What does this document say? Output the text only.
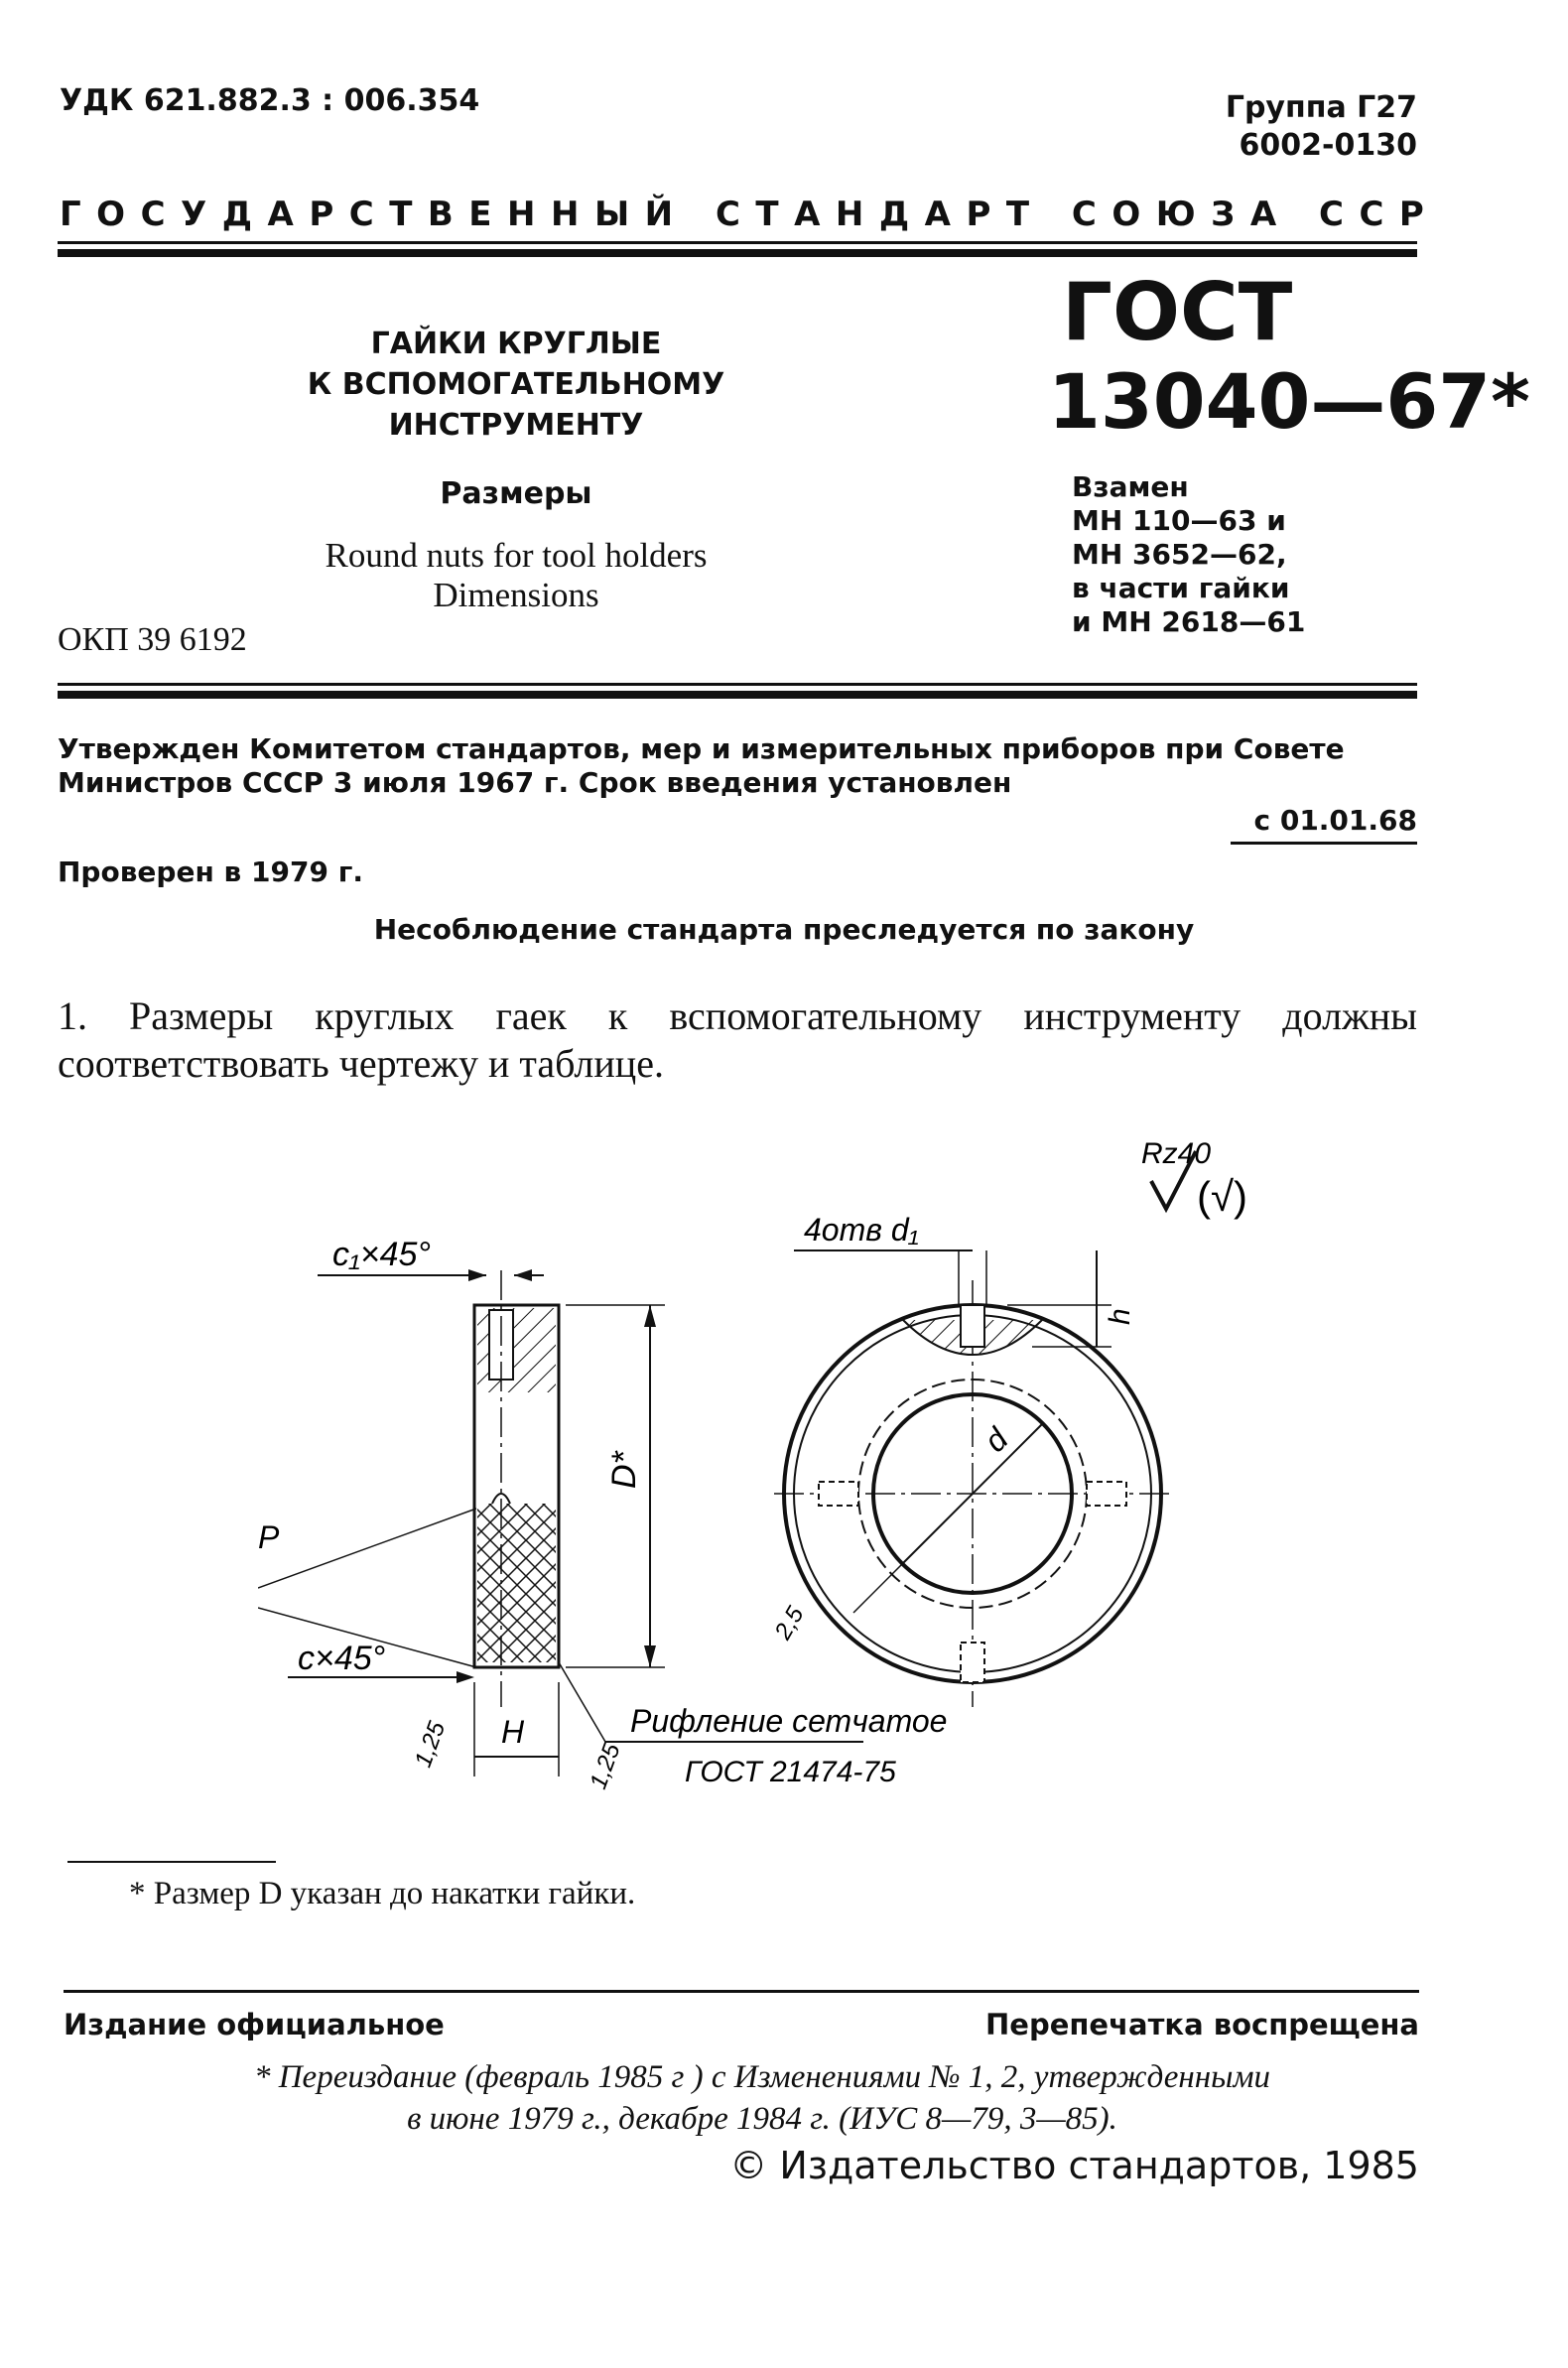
УДК 621.882.3 : 006.354	Группа Г27
6002-0130
ГОСУДАРСТВЕННЫЙ СТАНДАРТ СОЮЗА ССР
ГАЙКИ КРУГЛЫЕ
К ВСПОМОГАТЕЛЬНОМУ
ИНСТРУМЕНТУ
Размеры
Round nuts for tool holders
Dimensions
ОКП 39 6192
ГОСТ
13040—67*
Взамен
МН 110—63 и
МН 3652—62,
в части гайки
и МН 2618—61
Утвержден Комитетом стандартов, мер и измерительных приборов при Совете Министров СССР 3 июля 1967 г. Срок введения установлен
с 01.01.68
Проверен в 1979 г.
Несоблюдение стандарта преследуется по закону
1. Размеры круглых гаек к вспомогательному инструменту должны соответствовать чертежу и таблице.
Rz40
(√)
D*
c₁×45°
P
c×45°
H
1,25	1,25
Рифление сетчатое
ГОСТ 21474-75
4отв d₁
h
d
2,5
* Размер D указан до накатки гайки.
Издание официальное	Перепечатка воспрещена
* Переиздание (февраль 1985 г ) с Изменениями № 1, 2, утвержденными
в июне 1979 г., декабре 1984 г. (ИУС 8—79, 3—85).
© Издательство стандартов, 1985
